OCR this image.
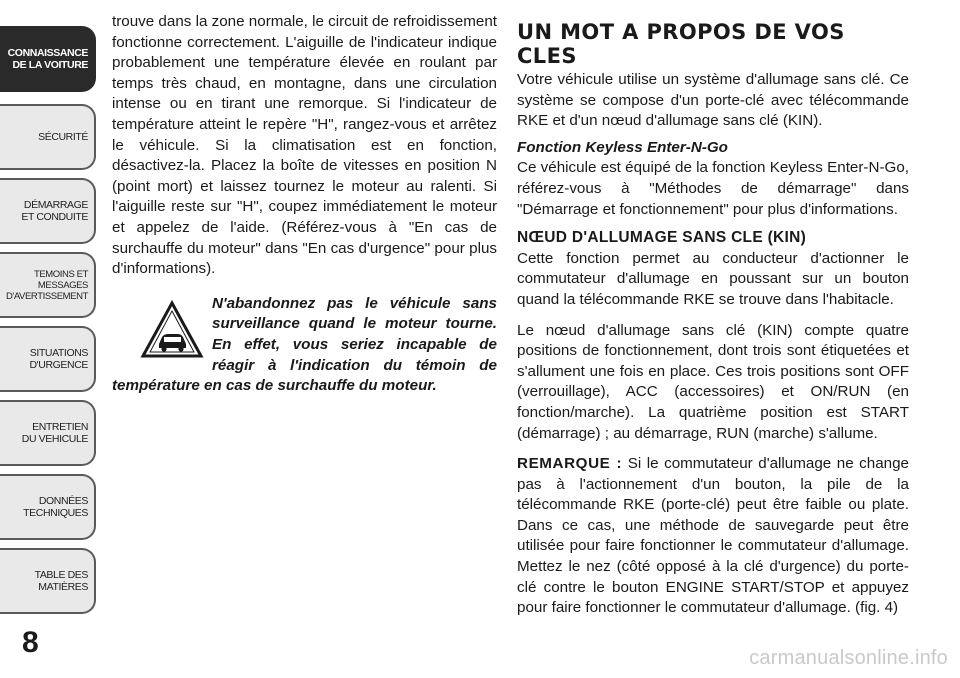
CONNAISSANCE
DE LA VOITURE
SÉCURITÉ
DÉMARRAGE
ET CONDUITE
TEMOINS ET
MESSAGES
D'AVERTISSEMENT
SITUATIONS
D'URGENCE
ENTRETIEN
DU VEHICULE
DONNÉES
TECHNIQUES
TABLE DES
MATIÈRES
8

trouve dans la zone normale, le circuit de refroidissement fonctionne correctement. L'aiguille de l'indicateur indique probablement une température élevée en roulant par temps très chaud, en montagne, dans une circulation intense ou en tirant une remorque. Si l'indicateur de température atteint le repère "H", rangez-vous et arrêtez le véhicule. Si la climatisation est en fonction, désactivez-la. Placez la boîte de vitesses en position N (point mort) et laissez tournez le moteur au ralenti. Si l'aiguille reste sur "H", coupez immédiatement le moteur et appelez de l'aide. (Référez-vous à "En cas de surchauffe du moteur" dans "En cas d'urgence" pour plus d'informations).

N'abandonnez pas le véhicule sans surveillance quand le moteur tourne. En effet, vous seriez incapable de réagir à l'indication du témoin de température en cas de surchauffe du moteur.

UN MOT A PROPOS DE VOS CLES

Votre véhicule utilise un système d'allumage sans clé. Ce système se compose d'un porte-clé avec télécommande RKE et d'un nœud d'allumage sans clé (KIN).

Fonction Keyless Enter-N-Go

Ce véhicule est équipé de la fonction Keyless Enter-N-Go, référez-vous à "Méthodes de démarrage" dans "Démarrage et fonctionnement" pour plus d'informations.

NŒUD D'ALLUMAGE SANS CLE (KIN)

Cette fonction permet au conducteur d'actionner le commutateur d'allumage en poussant sur un bouton quand la télécommande RKE se trouve dans l'habitacle.

Le nœud d'allumage sans clé (KIN) compte quatre positions de fonctionnement, dont trois sont étiquetées et s'allument une fois en place. Ces trois positions sont OFF (verrouillage), ACC (accessoires) et ON/RUN (en fonction/marche). La quatrième position est START (démarrage) ; au démarrage, RUN (marche) s'allume.

REMARQUE : Si le commutateur d'allumage ne change pas à l'actionnement d'un bouton, la pile de la télécommande RKE (porte-clé) peut être faible ou plate. Dans ce cas, une méthode de sauvegarde peut être utilisée pour faire fonctionner le commutateur d'allumage. Mettez le nez (côté opposé à la clé d'urgence) du porte-clé contre le bouton ENGINE START/STOP et appuyez pour faire fonctionner le commutateur d'allumage. (fig. 4)

carmanualsonline.info
